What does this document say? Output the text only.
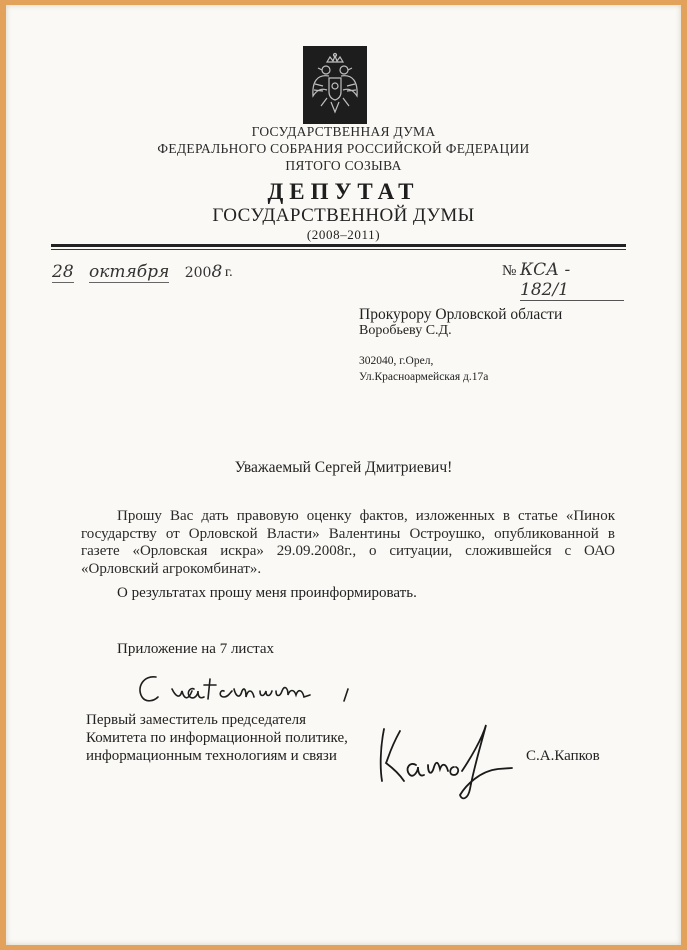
ГОСУДАРСТВЕННАЯ ДУМА
ФЕДЕРАЛЬНОГО СОБРАНИЯ РОССИЙСКОЙ ФЕДЕРАЦИИ
ПЯТОГО СОЗЫВА
ДЕПУТАТ
ГОСУДАРСТВЕННОЙ ДУМЫ
(2008–2011)
28 октября 2008 г.	№ КСА - 182/1
Прокурору Орловской области
Воробьеву С.Д.
302040, г.Орел,
Ул.Красноармейская д.17а
Уважаемый Сергей Дмитриевич!

Прошу Вас дать правовую оценку фактов, изложенных в статье «Пинок государству от Орловской Власти» Валентины Остроушко, опубликованной в газете «Орловская искра» 29.09.2008г., о ситуации, сложившейся с ОАО «Орловский агрокомбинат».

О результатах прошу меня проинформировать.
Приложение на 7 листах
Первый заместитель председателя
Комитета по информационной политике,
информационным технологиям и связи	С.А.Капков
